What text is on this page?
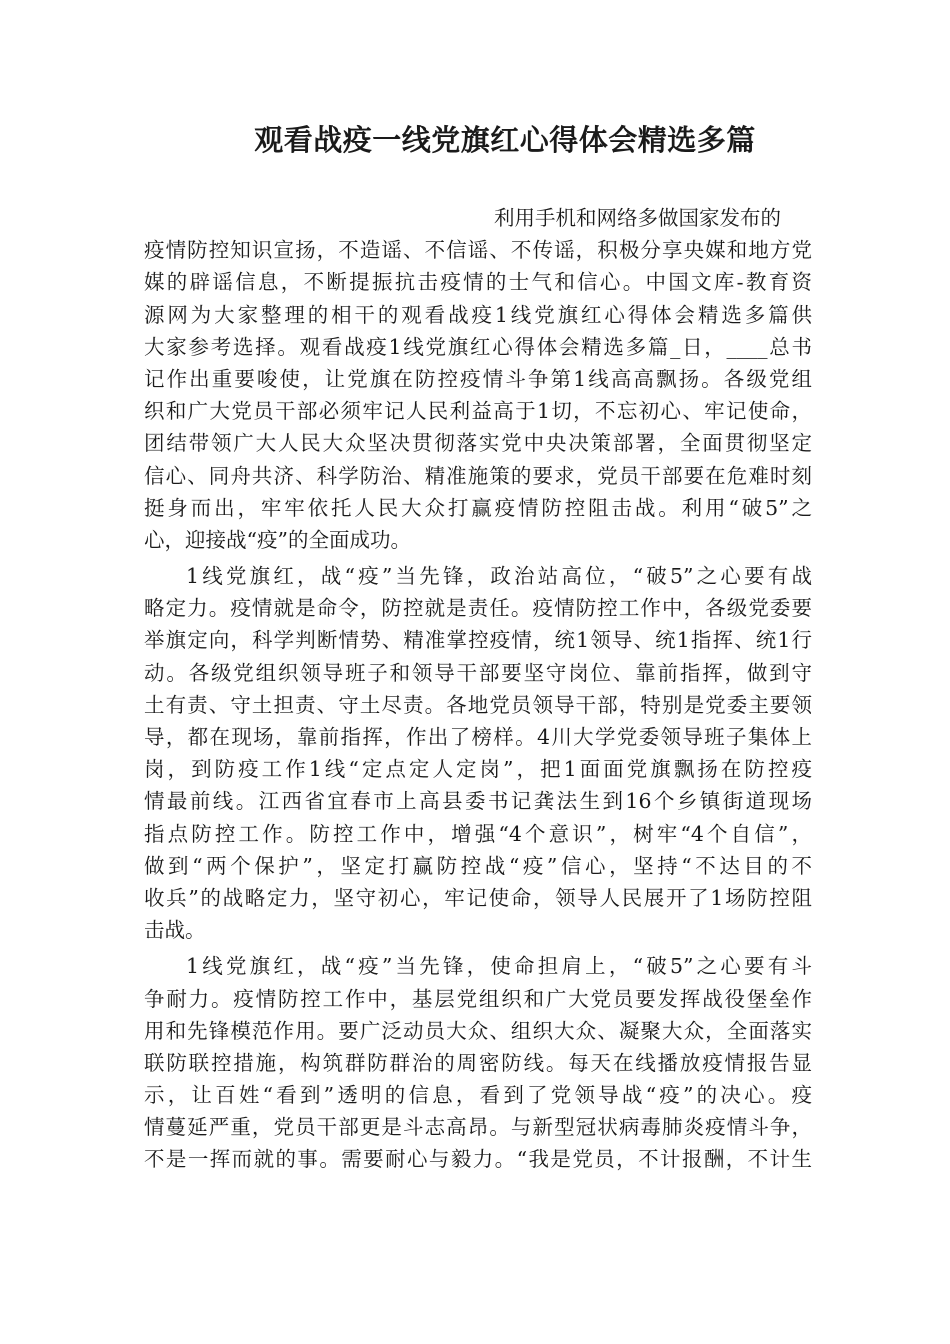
观看战疫一线党旗红心得体会精选多篇
利用手机和网络多做国家发布的
疫情防控知识宣扬，不造谣、不信谣、不传谣，积极分享央媒和地方党
媒的辟谣信息，不断提振抗击疫情的士气和信心。中国文库-教育资
源网为大家整理的相干的观看战疫1线党旗红心得体会精选多篇供
大家参考选择。观看战疫1线党旗红心得体会精选多篇_日，____总书
记作出重要唆使，让党旗在防控疫情斗争第1线高高飘扬。各级党组
织和广大党员干部必须牢记人民利益高于1切，不忘初心、牢记使命，
团结带领广大人民大众坚决贯彻落实党中央决策部署，全面贯彻坚定
信心、同舟共济、科学防治、精准施策的要求，党员干部要在危难时刻
挺身而出，牢牢依托人民大众打赢疫情防控阻击战。利用“破5”之
心，迎接战“疫”的全面成功。
1线党旗红，战“疫”当先锋，政治站高位，“破5”之心要有战
略定力。疫情就是命令，防控就是责任。疫情防控工作中，各级党委要
举旗定向，科学判断情势、精准掌控疫情，统1领导、统1指挥、统1行
动。各级党组织领导班子和领导干部要坚守岗位、靠前指挥，做到守
土有责、守土担责、守土尽责。各地党员领导干部，特别是党委主要领
导，都在现场，靠前指挥，作出了榜样。4川大学党委领导班子集体上
岗，到防疫工作1线“定点定人定岗”，把1面面党旗飘扬在防控疫
情最前线。江西省宜春市上高县委书记龚法生到16个乡镇街道现场
指点防控工作。防控工作中，增强“4个意识”，树牢“4个自信”，
做到“两个保护”，坚定打赢防控战“疫”信心，坚持“不达目的不
收兵”的战略定力，坚守初心，牢记使命，领导人民展开了1场防控阻
击战。
1线党旗红，战“疫”当先锋，使命担肩上，“破5”之心要有斗
争耐力。疫情防控工作中，基层党组织和广大党员要发挥战役堡垒作
用和先锋模范作用。要广泛动员大众、组织大众、凝聚大众，全面落实
联防联控措施，构筑群防群治的周密防线。每天在线播放疫情报告显
示，让百姓“看到”透明的信息，看到了党领导战“疫”的决心。疫
情蔓延严重，党员干部更是斗志高昂。与新型冠状病毒肺炎疫情斗争，
不是一挥而就的事。需要耐心与毅力。“我是党员，不计报酬，不计生
